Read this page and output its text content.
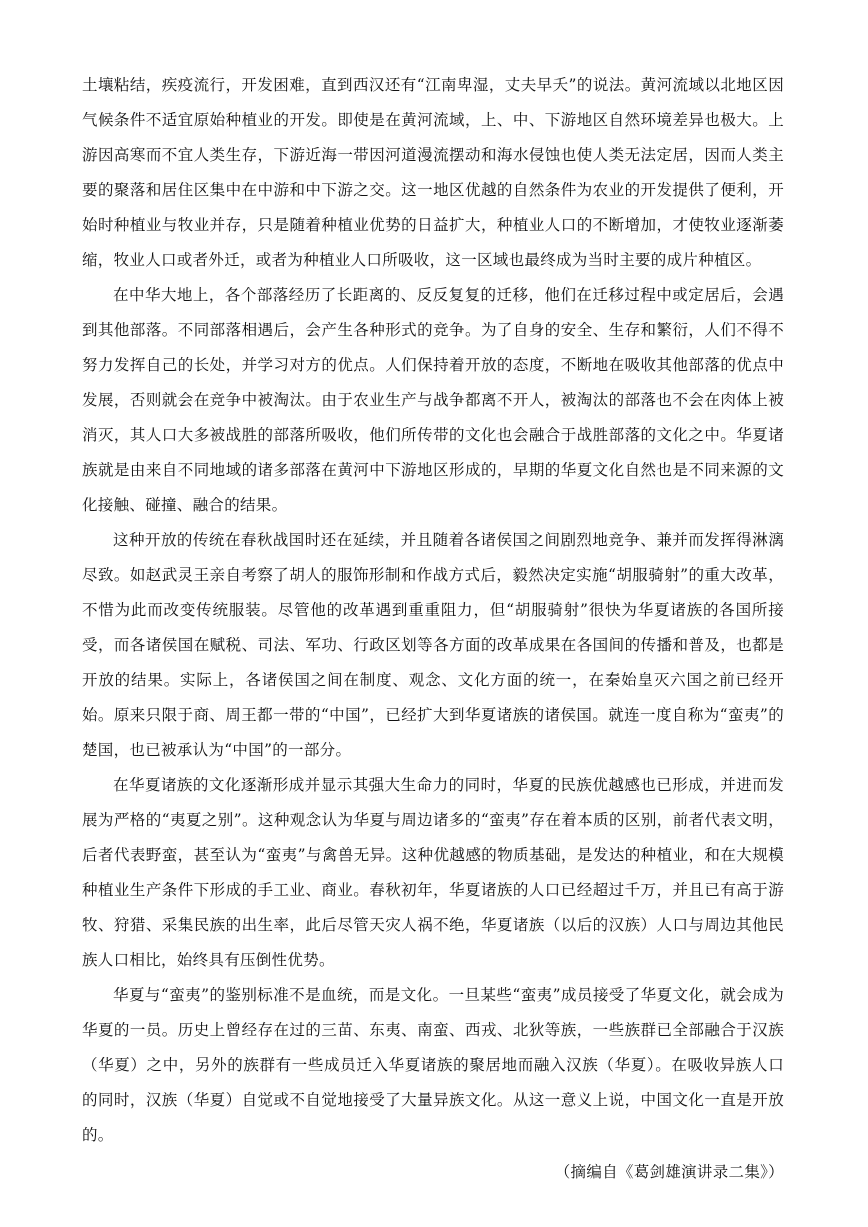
土壤粘结，疾疫流行，开发困难，直到西汉还有“江南卑湿，丈夫早夭”的说法。黄河流域以北地区因气候条件不适宜原始种植业的开发。即使是在黄河流域，上、中、下游地区自然环境差异也极大。上游因高寒而不宜人类生存，下游近海一带因河道漫流摆动和海水侵蚀也使人类无法定居，因而人类主要的聚落和居住区集中在中游和中下游之交。这一地区优越的自然条件为农业的开发提供了便利，开始时种植业与牧业并存，只是随着种植业优势的日益扩大，种植业人口的不断增加，才使牧业逐渐萎缩，牧业人口或者外迁，或者为种植业人口所吸收，这一区域也最终成为当时主要的成片种植区。

在中华大地上，各个部落经历了长距离的、反反复复的迁移，他们在迁移过程中或定居后，会遇到其他部落。不同部落相遇后，会产生各种形式的竞争。为了自身的安全、生存和繁衍，人们不得不努力发挥自己的长处，并学习对方的优点。人们保持着开放的态度，不断地在吸收其他部落的优点中发展，否则就会在竞争中被淘汰。由于农业生产与战争都离不开人，被淘汰的部落也不会在肉体上被消灭，其人口大多被战胜的部落所吸收，他们所传带的文化也会融合于战胜部落的文化之中。华夏诸族就是由来自不同地域的诸多部落在黄河中下游地区形成的，早期的华夏文化自然也是不同来源的文化接触、碰撞、融合的结果。

这种开放的传统在春秋战国时还在延续，并且随着各诸侯国之间剧烈地竞争、兼并而发挥得淋漓尽致。如赵武灵王亲自考察了胡人的服饰形制和作战方式后，毅然决定实施“胡服骑射”的重大改革，不惜为此而改变传统服装。尽管他的改革遇到重重阻力，但“胡服骑射”很快为华夏诸族的各国所接受，而各诸侯国在赋税、司法、军功、行政区划等各方面的改革成果在各国间的传播和普及，也都是开放的结果。实际上，各诸侯国之间在制度、观念、文化方面的统一，在秦始皇灭六国之前已经开始。原来只限于商、周王都一带的“中国”，已经扩大到华夏诸族的诸侯国。就连一度自称为“蛮夷”的楚国，也已被承认为“中国”的一部分。

在华夏诸族的文化逐渐形成并显示其强大生命力的同时，华夏的民族优越感也已形成，并进而发展为严格的“夷夏之别”。这种观念认为华夏与周边诸多的“蛮夷”存在着本质的区别，前者代表文明，后者代表野蛮，甚至认为“蛮夷”与禽兽无异。这种优越感的物质基础，是发达的种植业，和在大规模种植业生产条件下形成的手工业、商业。春秋初年，华夏诸族的人口已经超过千万，并且已有高于游牧、狩猎、采集民族的出生率，此后尽管天灾人祸不绝，华夏诸族（以后的汉族）人口与周边其他民族人口相比，始终具有压倒性优势。

华夏与“蛮夷”的鉴别标准不是血统，而是文化。一旦某些“蛮夷”成员接受了华夏文化，就会成为华夏的一员。历史上曾经存在过的三苗、东夷、南蛮、西戎、北狄等族，一些族群已全部融合于汉族（华夏）之中，另外的族群有一些成员迁入华夏诸族的聚居地而融入汉族（华夏）。在吸收异族人口的同时，汉族（华夏）自觉或不自觉地接受了大量异族文化。从这一意义上说，中国文化一直是开放的。

（摘编自《葛剑雄演讲录二集》）
